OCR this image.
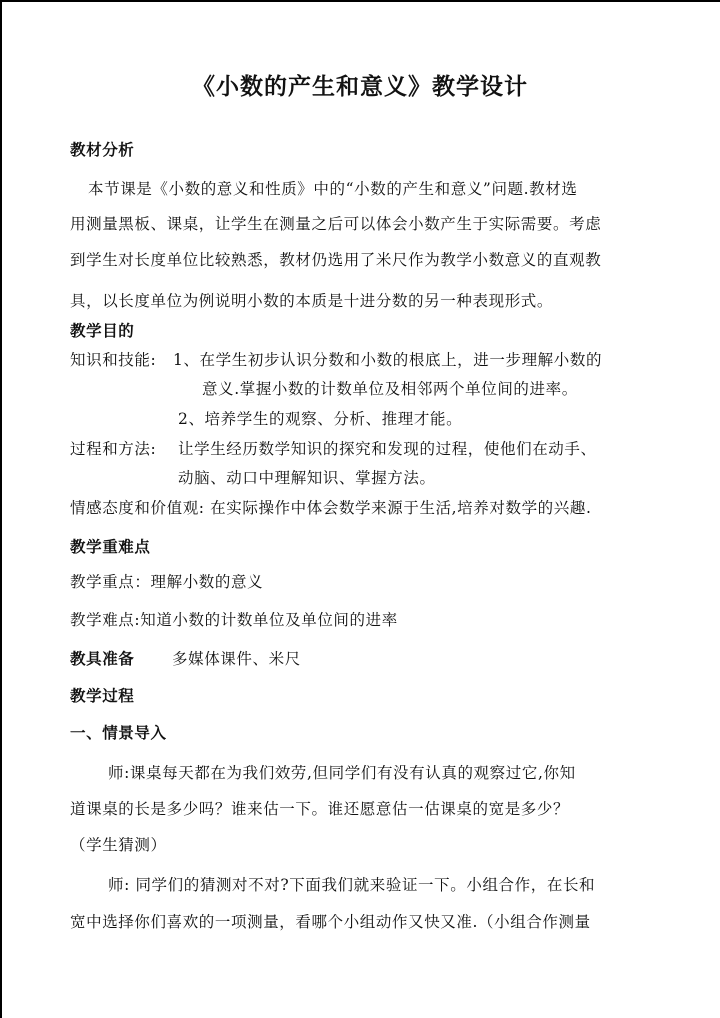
《小数的产生和意义》教学设计
教材分析
本节课是《小数的意义和性质》中的“小数的产生和意义”问题.教材选
用测量黑板、课桌，让学生在测量之后可以体会小数产生于实际需要。考虑
到学生对长度单位比较熟悉，教材仍选用了米尺作为教学小数意义的直观教
具，以长度单位为例说明小数的本质是十进分数的另一种表现形式。
教学目的
知识和技能: 1、在学生初步认识分数和小数的根底上，进一步理解小数的
意义.掌握小数的计数单位及相邻两个单位间的进率。
2、培养学生的观察、分析、推理才能。
过程和方法: 让学生经历数学知识的探究和发现的过程，使他们在动手、
动脑、动口中理解知识、掌握方法。
情感态度和价值观: 在实际操作中体会数学来源于生活,培养对数学的兴趣.
教学重难点
教学重点：理解小数的意义
教学难点:知道小数的计数单位及单位间的进率
教具准备 多媒体课件、米尺
教学过程
一、情景导入
师:课桌每天都在为我们效劳,但同学们有没有认真的观察过它,你知
道课桌的长是多少吗？谁来估一下。谁还愿意估一估课桌的宽是多少？
（学生猜测）
师: 同学们的猜测对不对?下面我们就来验证一下。小组合作，在长和
宽中选择你们喜欢的一项测量，看哪个小组动作又快又准.（小组合作测量
